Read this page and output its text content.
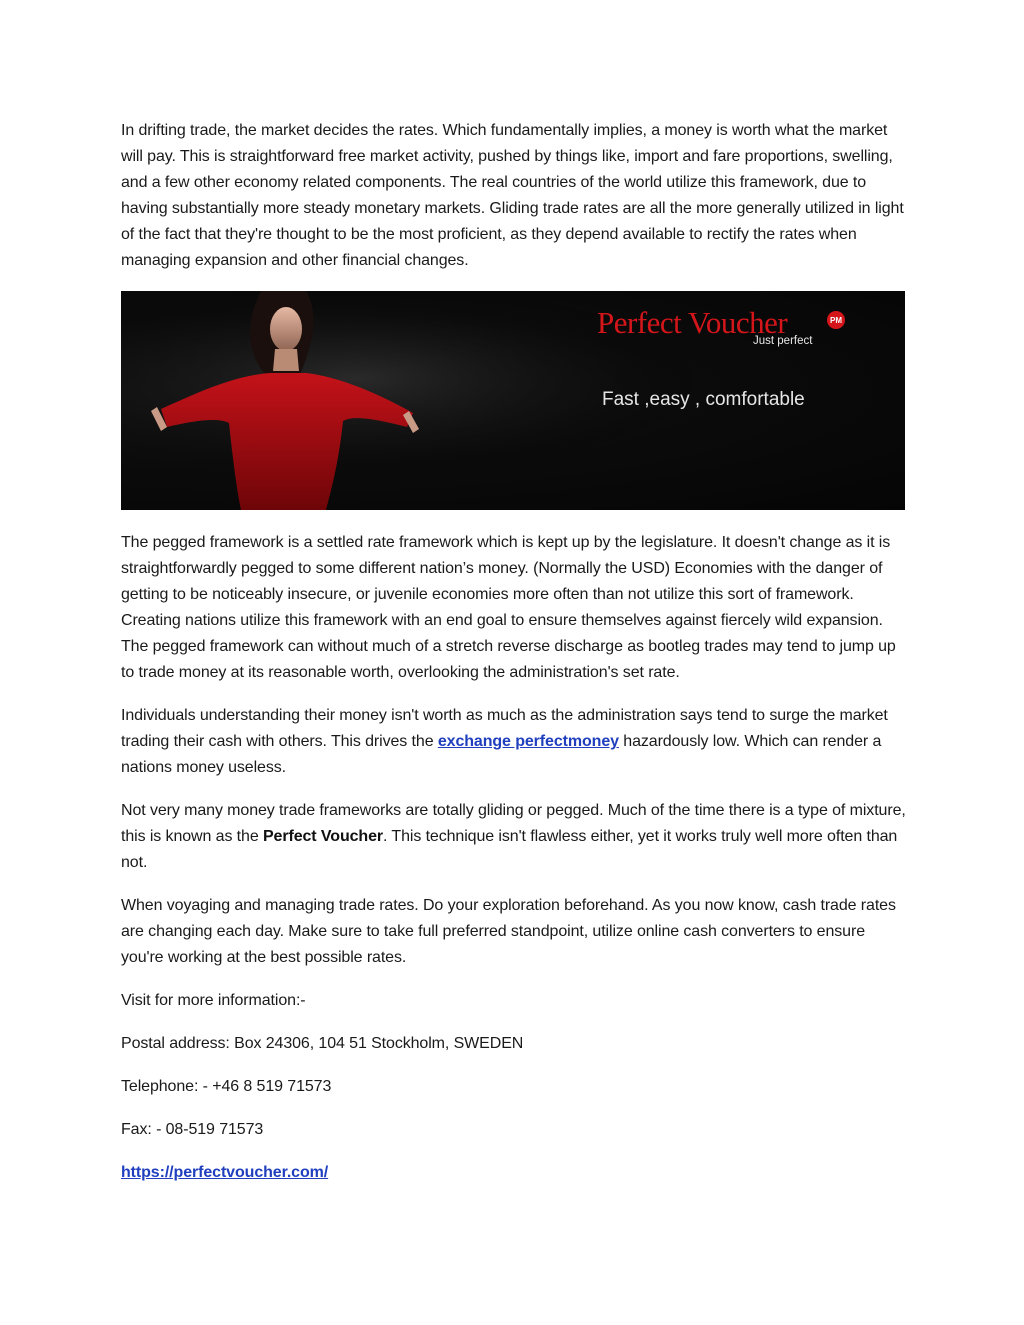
In drifting trade, the market decides the rates. Which fundamentally implies, a money is worth what the market will pay. This is straightforward free market activity, pushed by things like, import and fare proportions, swelling, and a few other economy related components. The real countries of the world utilize this framework, due to having substantially more steady monetary markets. Gliding trade rates are all the more generally utilized in light of the fact that they're thought to be the most proficient, as they depend available to rectify the rates when managing expansion and other financial changes.

Perfect Voucher	PM
Just perfect
Fast ,easy , comfortable

The pegged framework is a settled rate framework which is kept up by the legislature. It doesn't change as it is straightforwardly pegged to some different nation’s money. (Normally the USD) Economies with the danger of getting to be noticeably insecure, or juvenile economies more often than not utilize this sort of framework. Creating nations utilize this framework with an end goal to ensure themselves against fiercely wild expansion. The pegged framework can without much of a stretch reverse discharge as bootleg trades may tend to jump up to trade money at its reasonable worth, overlooking the administration's set rate.

Individuals understanding their money isn't worth as much as the administration says tend to surge the market trading their cash with others. This drives the exchange perfectmoney hazardously low. Which can render a nations money useless.

Not very many money trade frameworks are totally gliding or pegged. Much of the time there is a type of mixture, this is known as the Perfect Voucher. This technique isn't flawless either, yet it works truly well more often than not.

When voyaging and managing trade rates. Do your exploration beforehand. As you now know, cash trade rates are changing each day. Make sure to take full preferred standpoint, utilize online cash converters to ensure you're working at the best possible rates.

Visit for more information:-

Postal address: Box 24306, 104 51 Stockholm, SWEDEN

Telephone: - +46 8 519 71573

Fax: - 08-519 71573

https://perfectvoucher.com/
